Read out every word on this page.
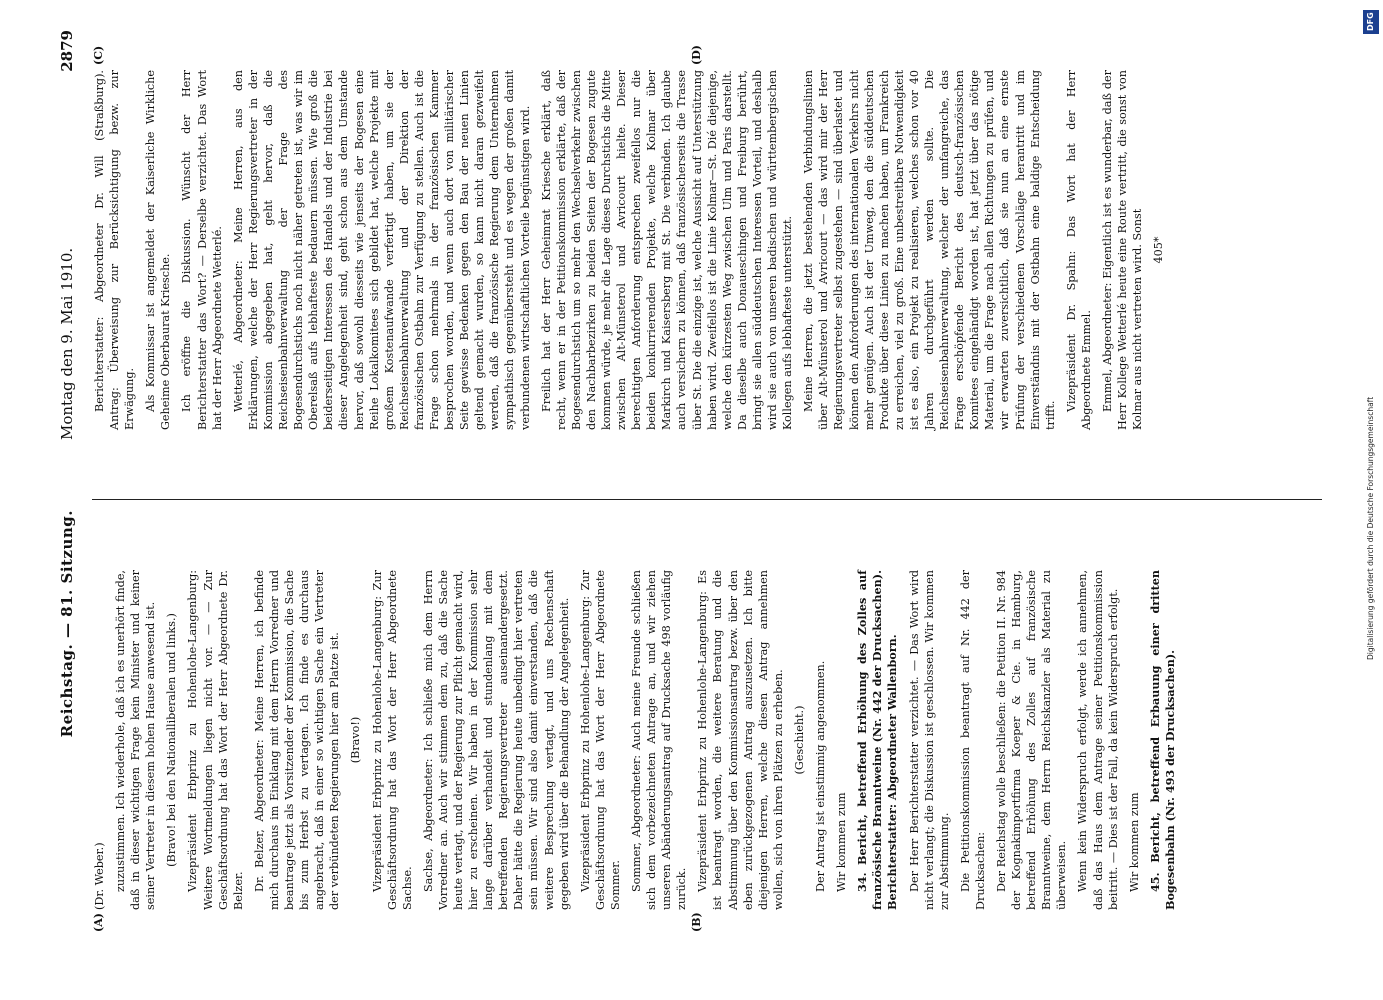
DFG
Digitalisierung gefördert durch die Deutsche Forschungsgemeinschaft
Reichstag. — 81. Sitzung.
Montag den 9. Mai 1910.
2879
(A)	(B)
(C)	(D)

(Dr. Weber.) zuzustimmen. Ich wiederhole, daß ich es unerhört finde, daß in dieser wichtigen Frage kein Minister und keiner seiner Vertreter in diesem hohen Hause anwesend ist. (Bravo! bei den Nationalliberalen und links.) Vizepräsident Erbprinz zu Hohenlohe-Langenburg: Weitere Wortmeldungen liegen nicht vor. — — Zur Geschäftsordnung hat das Wort der Herr Abgeordnete Dr. Belzer. Dr. Belzer, Abgeordneter: Meine Herren, ich befinde mich durchaus im Einklang mit dem Herrn Vorredner und beantrage jetzt als Vorsitzender der Kommission, die Sache bis zum Herbst zu vertagen. Ich finde es durchaus angebracht, daß in einer so wichtigen Sache ein Vertreter der verbündeten Regierungen hier am Platze ist. (Bravo!) Vizepräsident Erbprinz zu Hohenlohe-Langenburg: Zur Geschäftsordnung hat das Wort der Herr Abgeordnete Sachse. Sachse, Abgeordneter: Ich schließe mich dem Herrn Vorredner an. Auch wir stimmen dem zu, daß die Sache heute vertagt, und der Regierung zur Pflicht gemacht wird, hier zu erscheinen. Wir haben in der Kommission sehr lange darüber verhandelt und stundenlang mit dem betreffenden Regierungsvertreter auseinandergesetzt. Daher hätte die Regierung heute unbedingt hier vertreten sein müssen. Wir sind also damit einverstanden, daß die weitere Besprechung vertagt, und uns Rechenschaft gegeben wird über die Behandlung der Angelegenheit. Vizepräsident Erbprinz zu Hohenlohe-Langenburg: Zur Geschäftsordnung hat das Wort der Herr Abgeordnete Sommer. Sommer, Abgeordneter: Auch meine Freunde schließen sich dem vorbezeichneten Antrage an, und wir ziehen unseren Abänderungsantrag auf Drucksache 498 vorläufig zurück. Vizepräsident Erbprinz zu Hohenlohe-Langenburg: Es ist beantragt worden, die weitere Beratung und die Abstimmung über den Kommissionsantrag bezw. über den eben zurückgezogenen Antrag auszusetzen. Ich bitte diejenigen Herren, welche diesen Antrag annehmen wollen, sich von ihren Plätzen zu erheben. (Geschieht.) Der Antrag ist einstimmig angenommen. Wir kommen zum 34. Bericht, betreffend Erhöhung des Zolles auf französische Branntweine (Nr. 442 der Drucksachen). Berichterstatter: Abgeordneter Wallenborn. Der Herr Berichterstatter verzichtet. — Das Wort wird nicht verlangt; die Diskussion ist geschlossen. Wir kommen zur Abstimmung. Die Petitionskommission beantragt auf Nr. 442 der Drucksachen: Der Reichstag wolle beschließen: die Petition II. Nr. 984 der Kognakimportfirma Koeper & Cie. in Hamburg, betreffend Erhöhung des Zolles auf französische Branntweine, dem Herrn Reichskanzler als Material zu überweisen. Wenn kein Widerspruch erfolgt, werde ich annehmen, daß das Haus dem Antrage seiner Petitionskommission beitritt. — Dies ist der Fall, da kein Widerspruch erfolgt. Wir kommen zum 45. Bericht, betreffend Erbauung einer dritten Bogesenbahn (Nr. 493 der Drucksachen).

Berichterstatter: Abgeordneter Dr. Will (Straßburg). Antrag: Überweisung zur Berücksichtigung bezw. zur Erwägung. Als Kommissar ist angemeldet der Kaiserliche Wirkliche Geheime Oberbaurat Kriesche. Ich eröffne die Diskussion. Wünscht der Herr Berichterstatter das Wort? — Derselbe verzichtet. Das Wort hat der Herr Abgeordnete Wetterlé. Wetterlé, Abgeordneter: Meine Herren, aus den Erklärungen, welche der Herr Regierungsvertreter in der Kommission abgegeben hat, geht hervor, daß die Reichseisenbahnverwaltung der Frage des Bogesendurchstichs noch nicht näher getreten ist, was wir im Oberelsaß aufs lebhafteste bedauern müssen. Wie groß die beiderseitigen Interessen des Handels und der Industrie bei dieser Angelegenheit sind, geht schon aus dem Umstande hervor, daß sowohl diesseits wie jenseits der Bogesen eine Reihe Lokalkomitees sich gebildet hat, welche Projekte mit großem Kostenaufwande verfertigt haben, um sie der Reichseisenbahnverwaltung und der Direktion der französischen Ostbahn zur Verfügung zu stellen. Auch ist die Frage schon mehrmals in der französischen Kammer besprochen worden, und wenn auch dort von militärischer Seite gewisse Bedenken gegen den Bau der neuen Linien geltend gemacht wurden, so kann nicht daran gezweifelt werden, daß die französische Regierung dem Unternehmen sympathisch gegenübersteht und es wegen der großen damit verbundenen wirtschaftlichen Vorteile begünstigen wird. Freilich hat der Herr Geheimrat Kriesche erklärt, daß recht, wenn er in der Petitionskommission erklärte, daß der Bogesendurchstich um so mehr den Wechselverkehr zwischen den Nachbarbezirken zu beiden Seiten der Bogesen zugute kommen würde, je mehr die Lage dieses Durchstichs die Mitte zwischen Alt-Münsterol und Avricourt hielte. Dieser berechtigten Anforderung entsprechen zweifellos nur die beiden konkurrierenden Projekte, welche Kolmar über Markirch und Kaisersberg mit St. Die verbinden. Ich glaube auch versichern zu können, daß französischerseits die Trasse über St. Die die einzige ist, welche Aussicht auf Unterstützung haben wird. Zweifellos ist die Linie Kolmar—St. Dié diejenige, welche den kürzesten Weg zwischen Ulm und Paris darstellt. Da dieselbe auch Donaueschingen und Freiburg berührt, bringt sie allen süddeutschen Interessen Vorteil, und deshalb wird sie auch von unseren badischen und württembergischen Kollegen aufs lebhafteste unterstützt. Meine Herren, die jetzt bestehenden Verbindungslinien über Alt-Münsterol und Avricourt — das wird mir der Herr Regierungsvertreter selbst zugestehen — sind überlastet und können den Anforderungen des internationalen Verkehrs nicht mehr genügen. Auch ist der Umweg, den die süddeutschen Produkte über diese Linien zu machen haben, um Frankreich zu erreichen, viel zu groß. Eine unbestreitbare Notwendigkeit ist es also, ein Projekt zu realisieren, welches schon vor 40 Jahren durchgeführt werden sollte. Die Reichseisenbahnverwaltung, welcher der umfangreiche, das Frage erschöpfende Bericht des deutsch-französischen Komitees eingehändigt worden ist, hat jetzt über das nötige Material, um die Frage nach allen Richtungen zu prüfen, und wir erwarten zuversichtlich, daß sie nun an eine ernste Prüfung der verschiedenen Vorschläge herantritt und im Einverständnis mit der Ostbahn eine baldige Entscheidung trifft.

Vizepräsident Dr. Spahn: Das Wort hat der Herr Abgeordnete Emmel. Emmel, Abgeordneter: Eigentlich ist es wunderbar, daß der Herr Kollege Wetterlé heute eine Route vertritt, die sonst von Kolmar aus nicht vertreten wird. Sonst 405*
